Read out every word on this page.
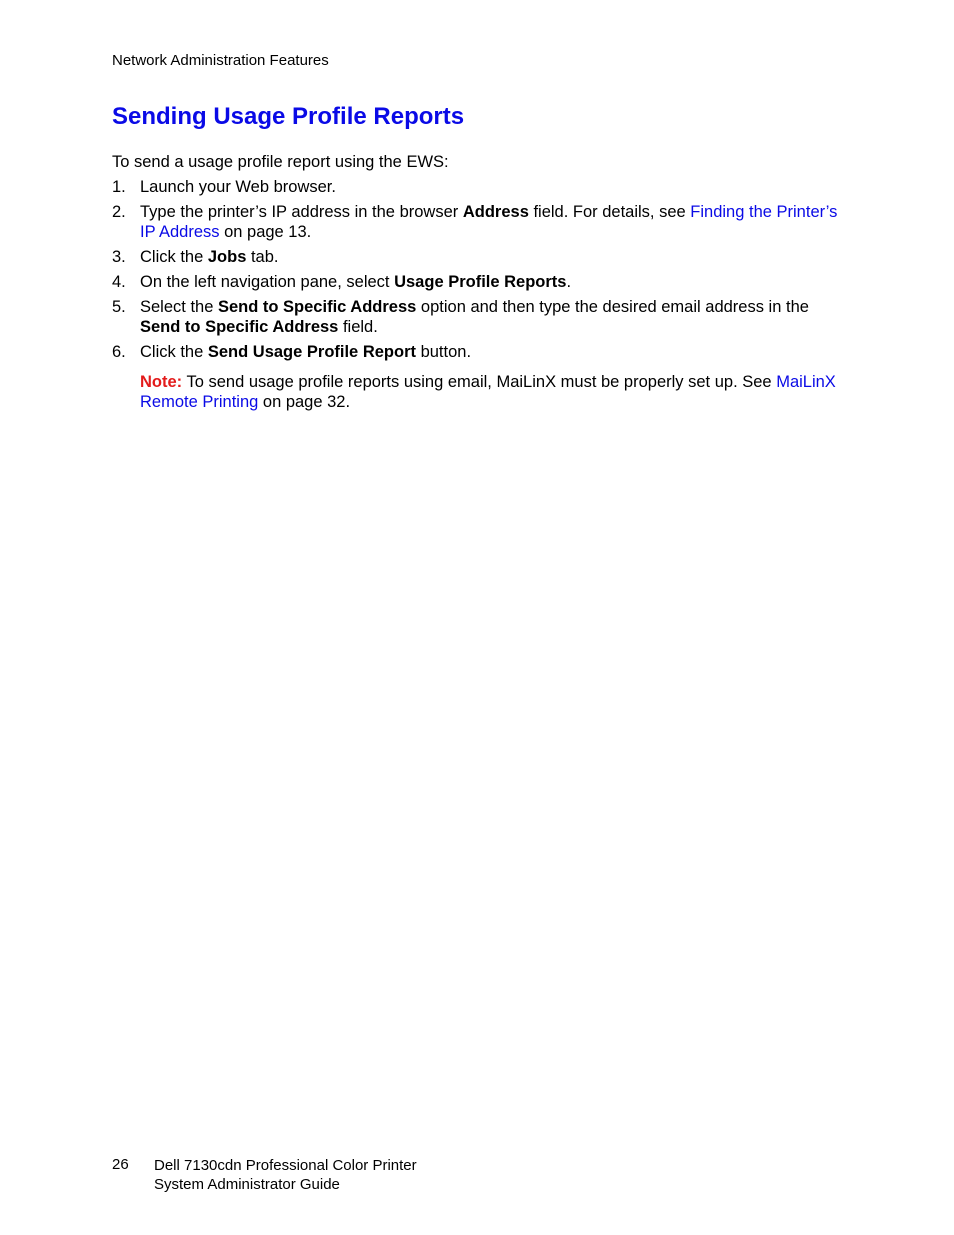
Network Administration Features
Sending Usage Profile Reports
To send a usage profile report using the EWS:
1. Launch your Web browser.
2. Type the printer’s IP address in the browser Address field. For details, see Finding the Printer’s IP Address on page 13.
3. Click the Jobs tab.
4. On the left navigation pane, select Usage Profile Reports.
5. Select the Send to Specific Address option and then type the desired email address in the Send to Specific Address field.
6. Click the Send Usage Profile Report button.
Note: To send usage profile reports using email, MaiLinX must be properly set up. See MaiLinX Remote Printing on page 32.
26 Dell 7130cdn Professional Color Printer
System Administrator Guide
